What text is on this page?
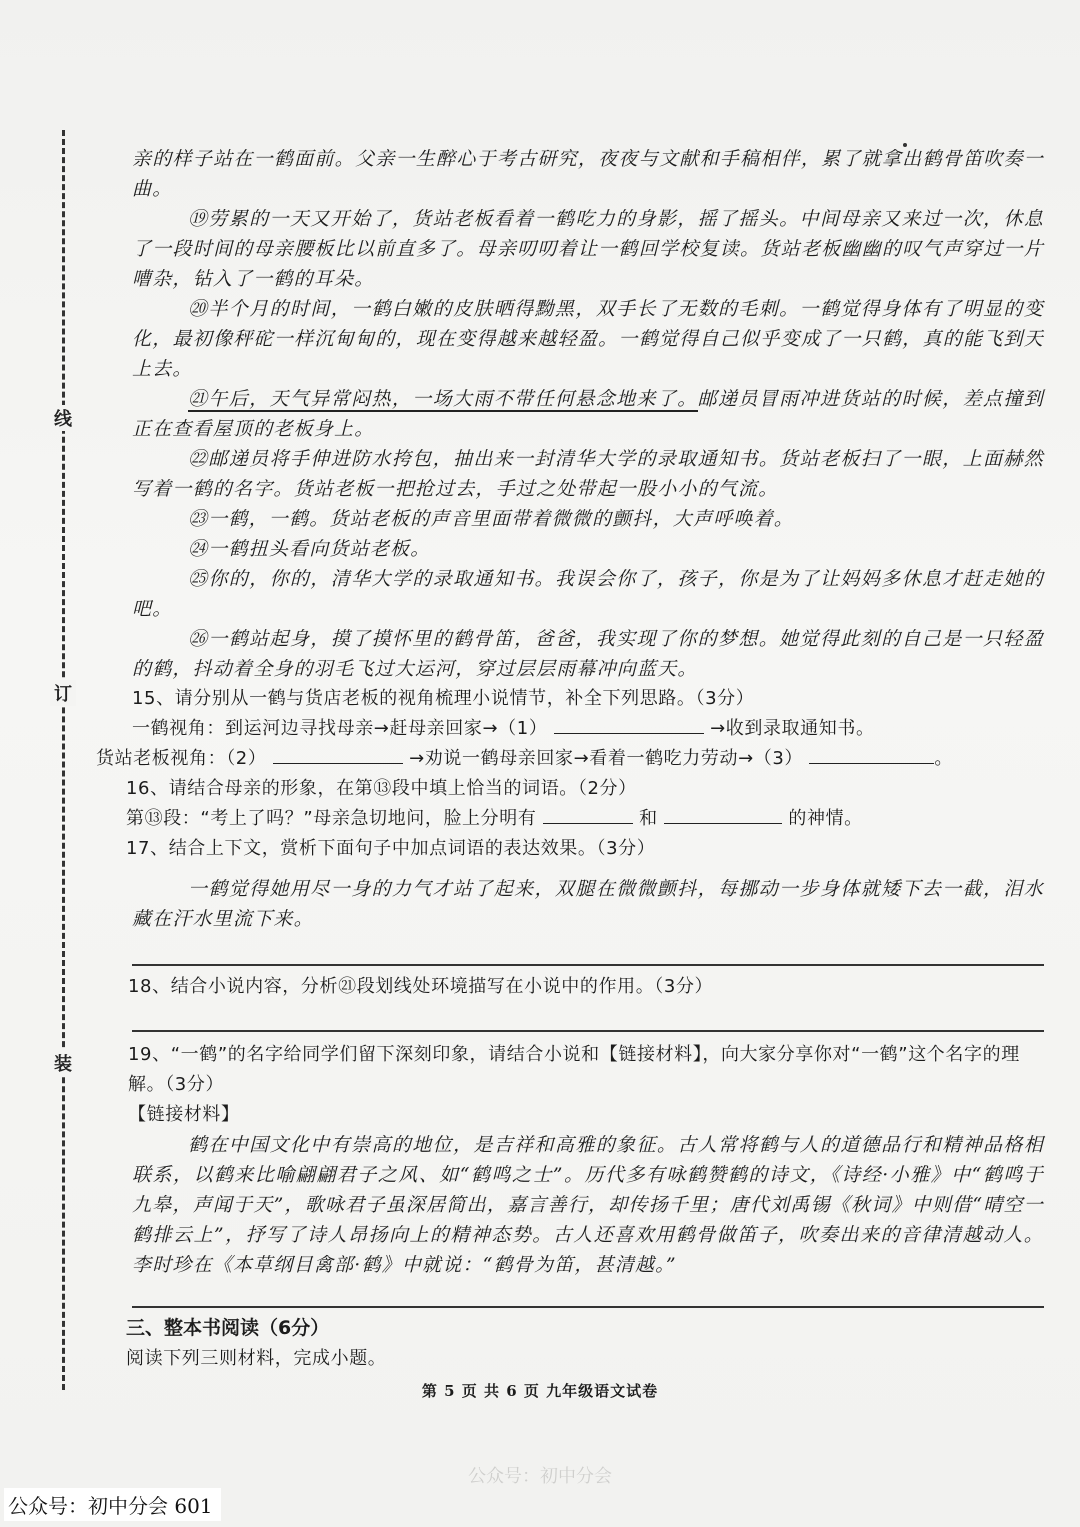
线
订
装

亲的样子站在一鹤面前。父亲一生醉心于考古研究，夜夜与文献和手稿相伴，累了就拿出鹤骨笛吹奏一曲。

⑲劳累的一天又开始了，货站老板看着一鹤吃力的身影，摇了摇头。中间母亲又来过一次，休息了一段时间的母亲腰板比以前直多了。母亲叨叨着让一鹤回学校复读。货站老板幽幽的叹气声穿过一片嘈杂，钻入了一鹤的耳朵。

⑳半个月的时间，一鹤白嫩的皮肤晒得黝黑，双手长了无数的毛刺。一鹤觉得身体有了明显的变化，最初像秤砣一样沉甸甸的，现在变得越来越轻盈。一鹤觉得自己似乎变成了一只鹤，真的能飞到天上去。

㉑午后，天气异常闷热，一场大雨不带任何悬念地来了。邮递员冒雨冲进货站的时候，差点撞到正在查看屋顶的老板身上。

㉒邮递员将手伸进防水挎包，抽出来一封清华大学的录取通知书。货站老板扫了一眼，上面赫然写着一鹤的名字。货站老板一把抢过去，手过之处带起一股小小的气流。

㉓一鹤，一鹤。货站老板的声音里面带着微微的颤抖，大声呼唤着。

㉔一鹤扭头看向货站老板。

㉕你的，你的，清华大学的录取通知书。我误会你了，孩子，你是为了让妈妈多休息才赶走她的吧。

㉖一鹤站起身，摸了摸怀里的鹤骨笛，爸爸，我实现了你的梦想。她觉得此刻的自己是一只轻盈的鹤，抖动着全身的羽毛飞过大运河，穿过层层雨幕冲向蓝天。

15、请分别从一鹤与货店老板的视角梳理小说情节，补全下列思路。（3分）

一鹤视角：到运河边寻找母亲→赶母亲回家→（1）	→收到录取通知书。

货站老板视角：（2）	→劝说一鹤母亲回家→看着一鹤吃力劳动→（3）	。

16、请结合母亲的形象，在第⑬段中填上恰当的词语。（2分）

第⑬段：“考上了吗？”母亲急切地问，脸上分明有	和	的神情。

17、结合上下文，赏析下面句子中加点词语的表达效果。（3分）

一鹤觉得她用尽一身的力气才站了起来，双腿在微微颤抖，每挪动一步身体就矮下去一截，泪水藏在汗水里流下来。

18、结合小说内容，分析㉑段划线处环境描写在小说中的作用。（3分）

19、“一鹤”的名字给同学们留下深刻印象，请结合小说和【链接材料】，向大家分享你对“一鹤”这个名字的理解。（3分）

【链接材料】

鹤在中国文化中有崇高的地位，是吉祥和高雅的象征。古人常将鹤与人的道德品行和精神品格相联系，以鹤来比喻翩翩君子之风、如“鹤鸣之士”。历代多有咏鹤赞鹤的诗文，《诗经·小雅》中“鹤鸣于九皋，声闻于天”，歌咏君子虽深居简出，嘉言善行，却传扬千里；唐代刘禹锡《秋词》中则借“晴空一鹤排云上”，抒写了诗人昂扬向上的精神态势。古人还喜欢用鹤骨做笛子，吹奏出来的音律清越动人。李时珍在《本草纲目禽部·鹤》中就说：“鹤骨为笛，甚清越。”

三、整本书阅读（6分）

阅读下列三则材料，完成小题。

第 5 页 共 6 页 九年级语文试卷
公众号：初中分会
公众号：初中分会 601
